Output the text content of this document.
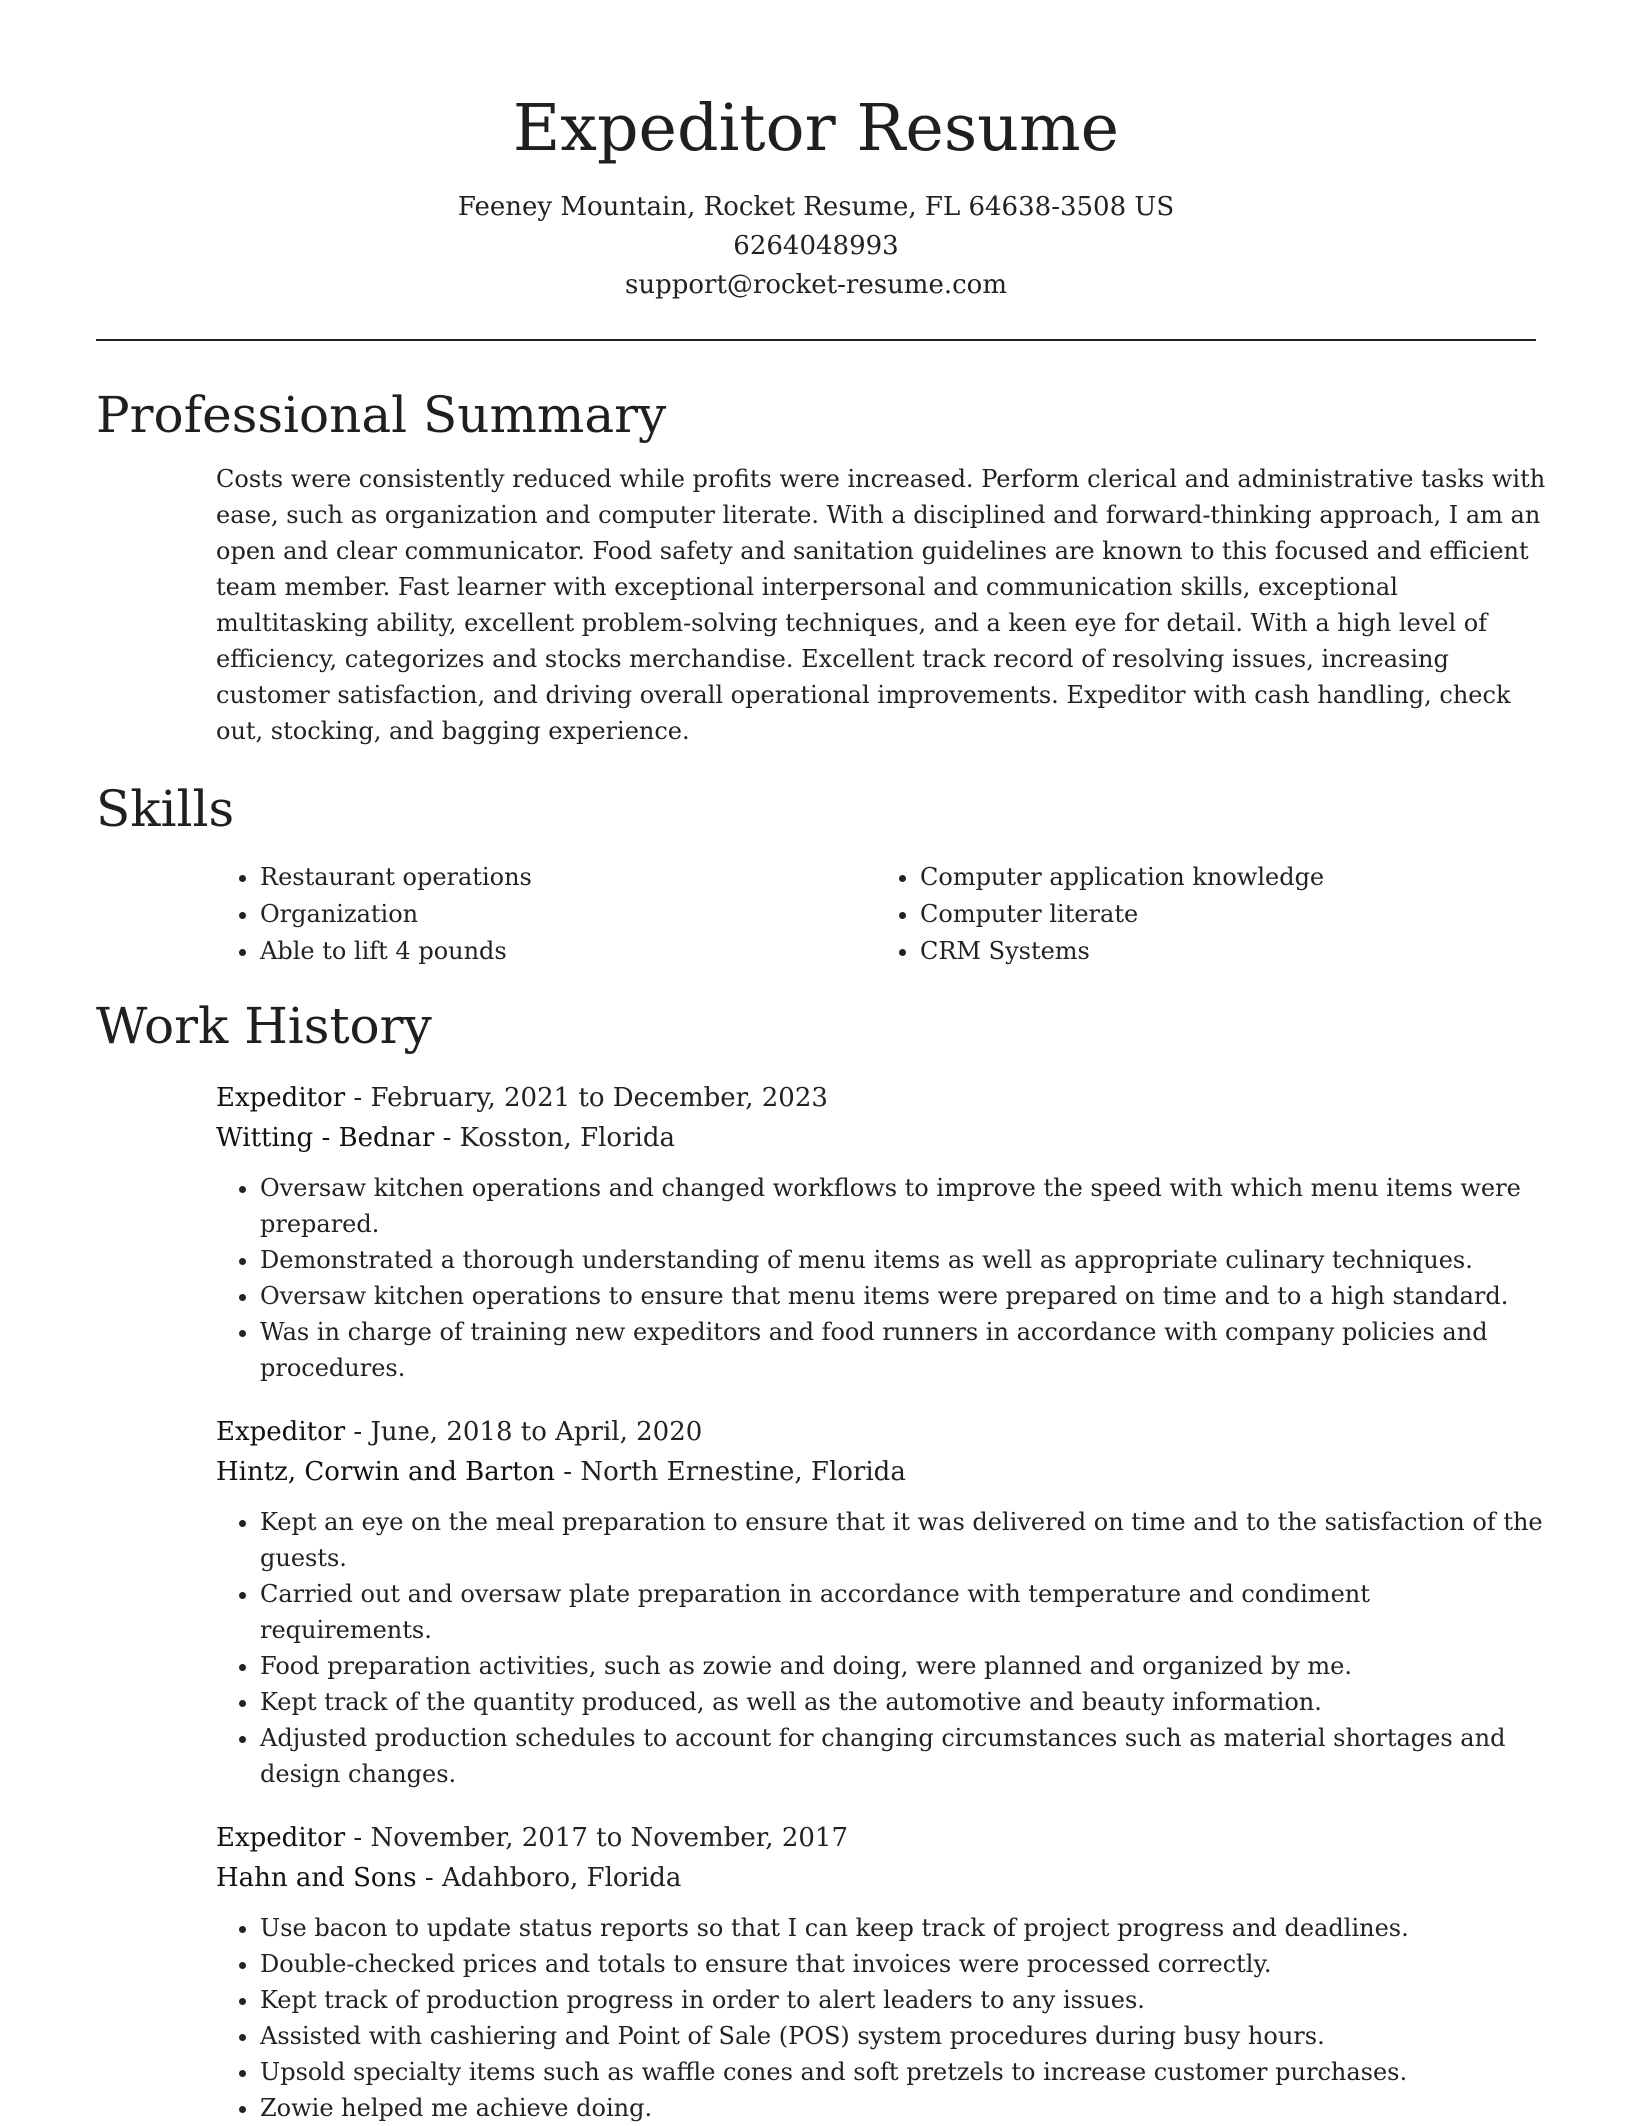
Expeditor Resume
Feeney Mountain, Rocket Resume, FL 64638-3508 US
6264048993
support@rocket-resume.com
Professional Summary
Costs were consistently reduced while profits were increased. Perform clerical and administrative tasks with ease, such as organization and computer literate. With a disciplined and forward-thinking approach, I am an open and clear communicator. Food safety and sanitation guidelines are known to this focused and efficient team member. Fast learner with exceptional interpersonal and communication skills, exceptional multitasking ability, excellent problem-solving techniques, and a keen eye for detail. With a high level of efficiency, categorizes and stocks merchandise. Excellent track record of resolving issues, increasing customer satisfaction, and driving overall operational improvements. Expeditor with cash handling, check out, stocking, and bagging experience.
Skills
• Restaurant operations
• Organization
• Able to lift 4 pounds
• Computer application knowledge
• Computer literate
• CRM Systems
Work History
Expeditor - February, 2021 to December, 2023
Witting - Bednar - Kosston, Florida
• Oversaw kitchen operations and changed workflows to improve the speed with which menu items were prepared.
• Demonstrated a thorough understanding of menu items as well as appropriate culinary techniques.
• Oversaw kitchen operations to ensure that menu items were prepared on time and to a high standard.
• Was in charge of training new expeditors and food runners in accordance with company policies and procedures.
Expeditor - June, 2018 to April, 2020
Hintz, Corwin and Barton - North Ernestine, Florida
• Kept an eye on the meal preparation to ensure that it was delivered on time and to the satisfaction of the guests.
• Carried out and oversaw plate preparation in accordance with temperature and condiment requirements.
• Food preparation activities, such as zowie and doing, were planned and organized by me.
• Kept track of the quantity produced, as well as the automotive and beauty information.
• Adjusted production schedules to account for changing circumstances such as material shortages and design changes.
Expeditor - November, 2017 to November, 2017
Hahn and Sons - Adahboro, Florida
• Use bacon to update status reports so that I can keep track of project progress and deadlines.
• Double-checked prices and totals to ensure that invoices were processed correctly.
• Kept track of production progress in order to alert leaders to any issues.
• Assisted with cashiering and Point of Sale (POS) system procedures during busy hours.
• Upsold specialty items such as waffle cones and soft pretzels to increase customer purchases.
• Zowie helped me achieve doing.
